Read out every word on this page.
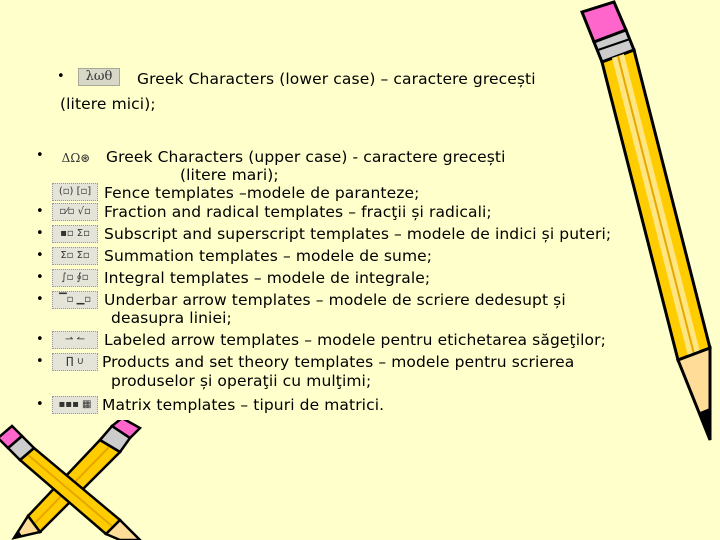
•	λωθ	Greek Characters (lower case) – caractere grecești
(litere mici);
•	ΔΩ⊛	Greek Characters (upper case) - caractere grecești
(litere mari);
(▫) [▫] Fence templates –modele de paranteze;
•	▫⁄▫ √▫ Fraction and radical templates – fracţii și radicali;
•	▪▫ Σ▫ Subscript and superscript templates – modele de indici și puteri;
•	Σ▫ Σ▫ Summation templates – modele de sume;
•	∫▫ ∮▫ Integral templates – modele de integrale;
•	▔▫ ▁▫ Underbar arrow templates – modele de scriere dedesupt și
deasupra liniei;
•	⇀ ↼	Labeled arrow templates – modele pentru etichetarea săgeţilor;
•	∏ ∪	Products and set theory templates – modele pentru scrierea
produselor și operaţii cu mulţimi;
•	▪▪▪ ▦ Matrix templates – tipuri de matrici.
